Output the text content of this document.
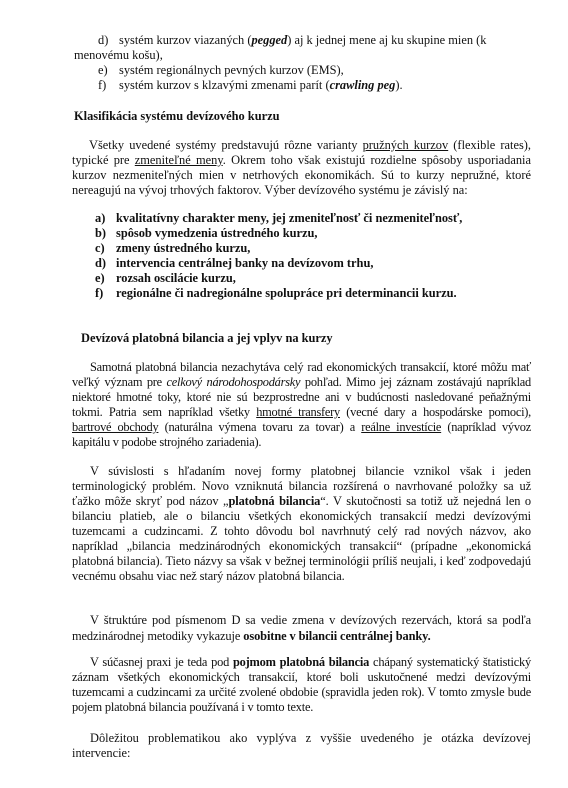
d) systém kurzov viazaných (pegged) aj k jednej mene aj ku skupine mien (k
menovému košu),
e) systém regionálnych pevných kurzov (EMS),
f)	systém kurzov s klzavými zmenami parít (crawling peg).
Klasifikácia systému devízového kurzu
Všetky uvedené systémy predstavujú rôzne varianty pružných kurzov (flexible rates), typické pre zmeniteľné meny. Okrem toho však existujú rozdielne spôsoby usporiadania kurzov nezmeniteľných mien v netrhových ekonomikách. Sú to kurzy nepružné, ktoré nereagujú na vývoj trhových faktorov. Výber devízového systému je závislý na:
a) kvalitatívny charakter meny, jej zmeniteľnosť či nezmeniteľnosť,
b) spôsob vymedzenia ústredného kurzu,
c) zmeny ústredného kurzu,
d) intervencia centrálnej banky na devízovom trhu,
e) rozsah oscilácie kurzu,
f)	regionálne či nadregionálne spolupráce pri determinancii kurzu.
Devízová platobná bilancia a jej vplyv na kurzy
Samotná platobná bilancia nezachytáva celý rad ekonomických transakcií, ktoré môžu mať veľký význam pre celkový národohospodársky pohľad. Mimo jej záznam zostávajú napríklad niektoré hmotné toky, ktoré nie sú bezprostredne ani v budúcnosti nasledované peňažnými tokmi. Patria sem napríklad všetky hmotné transfery (vecné dary a hospodárske pomoci), bartrové obchody (naturálna výmena tovaru za tovar) a reálne investície (napríklad vývoz kapitálu v podobe strojného zariadenia).
V súvislosti s hľadaním novej formy platobnej bilancie vznikol však i jeden terminologický problém. Novo vzniknutá bilancia rozšírená o navrhované položky sa už ťažko môže skryť pod názov „platobná bilancia“. V skutočnosti sa totiž už nejedná len o bilanciu platieb, ale o bilanciu všetkých ekonomických transakcií medzi devízovými tuzemcami a cudzincami. Z tohto dôvodu bol navrhnutý celý rad nových názvov, ako napríklad „bilancia medzinárodných ekonomických transakcií“ (prípadne „ekonomická platobná bilancia). Tieto názvy sa však v bežnej terminológii príliš neujali, i keď zodpovedajú vecnému obsahu viac než starý názov platobná bilancia.
V štruktúre pod písmenom D sa vedie zmena v devízových rezervách, ktorá sa podľa medzinárodnej metodiky vykazuje osobitne v bilancii centrálnej banky.
V súčasnej praxi je teda pod pojmom platobná bilancia chápaný systematický štatistický záznam všetkých ekonomických transakcií, ktoré boli uskutočnené medzi devízovými tuzemcami a cudzincami za určité zvolené obdobie (spravidla jeden rok). V tomto zmysle bude pojem platobná bilancia používaná i v tomto texte.
Dôležitou problematikou ako vyplýva z vyššie uvedeného je otázka devízovej intervencie:
